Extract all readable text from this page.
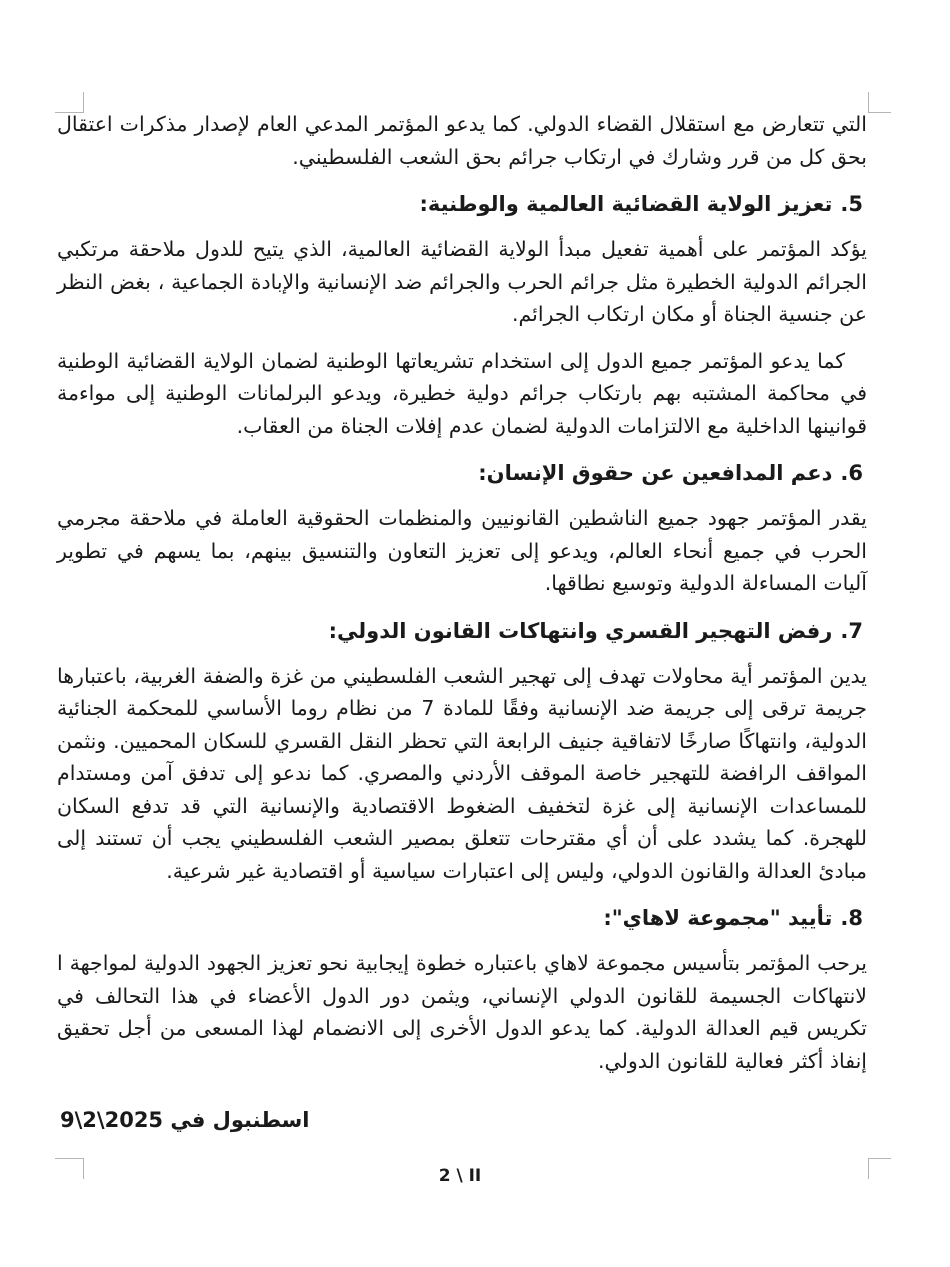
التي تتعارض مع استقلال القضاء الدولي. كما يدعو المؤتمر المدعي العام لإصدار مذكرات اعتقال بحق كل من قرر وشارك في ارتكاب جرائم بحق الشعب الفلسطيني.

5.تعزيز الولاية القضائية العالمية والوطنية:

يؤكد المؤتمر على أهمية تفعيل مبدأ الولاية القضائية العالمية، الذي يتيح للدول ملاحقة مرتكبي الجرائم الدولية الخطيرة مثل جرائم الحرب والجرائم ضد الإنسانية والإبادة الجماعية ، بغض النظر عن جنسية الجناة أو مكان ارتكاب الجرائم.

كما يدعو المؤتمر جميع الدول إلى استخدام تشريعاتها الوطنية لضمان الولاية القضائية الوطنية في محاكمة المشتبه بهم بارتكاب جرائم دولية خطيرة، ويدعو البرلمانات الوطنية إلى مواءمة قوانينها الداخلية مع الالتزامات الدولية لضمان عدم إفلات الجناة من العقاب.

6.دعم المدافعين عن حقوق الإنسان:

يقدر المؤتمر جهود جميع الناشطين القانونيين والمنظمات الحقوقية العاملة في ملاحقة مجرمي الحرب في جميع أنحاء العالم، ويدعو إلى تعزيز التعاون والتنسيق بينهم، بما يسهم في تطوير آليات المساءلة الدولية وتوسيع نطاقها.

7.رفض التهجير القسري وانتهاكات القانون الدولي:

يدين المؤتمر أية محاولات تهدف إلى تهجير الشعب الفلسطيني من غزة والضفة الغربية، باعتبارها جريمة ترقى إلى جريمة ضد الإنسانية وفقًا للمادة 7 من نظام روما الأساسي للمحكمة الجنائية الدولية، وانتهاكًا صارخًا لاتفاقية جنيف الرابعة التي تحظر النقل القسري للسكان المحميين. ونثمن المواقف الرافضة للتهجير خاصة الموقف الأردني والمصري. كما ندعو إلى تدفق آمن ومستدام للمساعدات الإنسانية إلى غزة لتخفيف الضغوط الاقتصادية والإنسانية التي قد تدفع السكان للهجرة. كما يشدد على أن أي مقترحات تتعلق بمصير الشعب الفلسطيني يجب أن تستند إلى مبادئ العدالة والقانون الدولي، وليس إلى اعتبارات سياسية أو اقتصادية غير شرعية.

8.تأييد "مجموعة لاهاي":

يرحب المؤتمر بتأسيس مجموعة لاهاي باعتباره خطوة إيجابية نحو تعزيز الجهود الدولية لمواجهة ا لانتهاكات الجسيمة للقانون الدولي الإنساني، ويثمن دور الدول الأعضاء في هذا التحالف في تكريس قيم العدالة الدولية. كما يدعو الدول الأخرى إلى الانضمام لهذا المسعى من أجل تحقيق إنفاذ أكثر فعالية للقانون الدولي.

اسطنبول في 2025\2\9
2 \ II
